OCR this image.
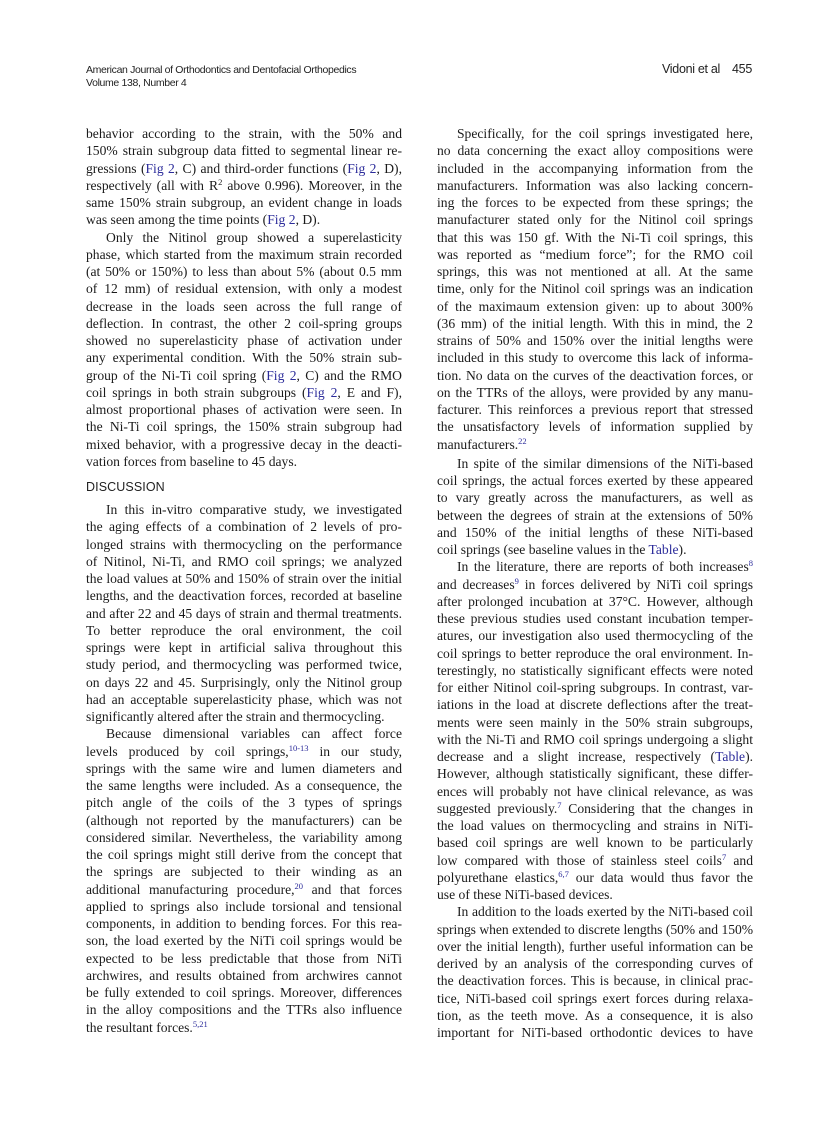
American Journal of Orthodontics and Dentofacial Orthopedics
Volume 138, Number 4
Vidoni et al 455
behavior according to the strain, with the 50% and
150% strain subgroup data fitted to segmental linear re-
gressions (Fig 2, C) and third-order functions (Fig 2, D),
respectively (all with $R^2$ above 0.996). Moreover, in the
same 150% strain subgroup, an evident change in loads
was seen among the time points (Fig 2, D).
Only the Nitinol group showed a superelasticity
phase, which started from the maximum strain recorded
(at 50% or 150%) to less than about 5% (about 0.5 mm
of 12 mm) of residual extension, with only a modest
decrease in the loads seen across the full range of
deflection. In contrast, the other 2 coil-spring groups
showed no superelasticity phase of activation under
any experimental condition. With the 50% strain sub-
group of the Ni-Ti coil spring (Fig 2, C) and the RMO
coil springs in both strain subgroups (Fig 2, E and F),
almost proportional phases of activation were seen. In
the Ni-Ti coil springs, the 150% strain subgroup had
mixed behavior, with a progressive decay in the deacti-
vation forces from baseline to 45 days.
DISCUSSION
In this in-vitro comparative study, we investigated
the aging effects of a combination of 2 levels of pro-
longed strains with thermocycling on the performance
of Nitinol, Ni-Ti, and RMO coil springs; we analyzed
the load values at 50% and 150% of strain over the initial
lengths, and the deactivation forces, recorded at baseline
and after 22 and 45 days of strain and thermal treatments.
To better reproduce the oral environment, the coil
springs were kept in artificial saliva throughout this
study period, and thermocycling was performed twice,
on days 22 and 45. Surprisingly, only the Nitinol group
had an acceptable superelasticity phase, which was not
significantly altered after the strain and thermocycling.
Because dimensional variables can affect force
levels produced by coil springs,$^{10-13}$ in our study,
springs with the same wire and lumen diameters and
the same lengths were included. As a consequence, the
pitch angle of the coils of the 3 types of springs
(although not reported by the manufacturers) can be
considered similar. Nevertheless, the variability among
the coil springs might still derive from the concept that
the springs are subjected to their winding as an
additional manufacturing procedure,$^{20}$ and that forces
applied to springs also include torsional and tensional
components, in addition to bending forces. For this rea-
son, the load exerted by the NiTi coil springs would be
expected to be less predictable that those from NiTi
archwires, and results obtained from archwires cannot
be fully extended to coil springs. Moreover, differences
in the alloy compositions and the TTRs also influence
the resultant forces.$^{5,21}$
Specifically, for the coil springs investigated here,
no data concerning the exact alloy compositions were
included in the accompanying information from the
manufacturers. Information was also lacking concern-
ing the forces to be expected from these springs; the
manufacturer stated only for the Nitinol coil springs
that this was 150 gf. With the Ni-Ti coil springs, this
was reported as “medium force”; for the RMO coil
springs, this was not mentioned at all. At the same
time, only for the Nitinol coil springs was an indication
of the maximaum extension given: up to about 300%
(36 mm) of the initial length. With this in mind, the 2
strains of 50% and 150% over the initial lengths were
included in this study to overcome this lack of informa-
tion. No data on the curves of the deactivation forces, or
on the TTRs of the alloys, were provided by any manu-
facturer. This reinforces a previous report that stressed
the unsatisfactory levels of information supplied by
manufacturers.$^{22}$
In spite of the similar dimensions of the NiTi-based
coil springs, the actual forces exerted by these appeared
to vary greatly across the manufacturers, as well as
between the degrees of strain at the extensions of 50%
and 150% of the initial lengths of these NiTi-based
coil springs (see baseline values in the Table).
In the literature, there are reports of both increases$^8$
and decreases$^9$ in forces delivered by NiTi coil springs
after prolonged incubation at 37°C. However, although
these previous studies used constant incubation temper-
atures, our investigation also used thermocycling of the
coil springs to better reproduce the oral environment. In-
terestingly, no statistically significant effects were noted
for either Nitinol coil-spring subgroups. In contrast, var-
iations in the load at discrete deflections after the treat-
ments were seen mainly in the 50% strain subgroups,
with the Ni-Ti and RMO coil springs undergoing a slight
decrease and a slight increase, respectively (Table).
However, although statistically significant, these differ-
ences will probably not have clinical relevance, as was
suggested previously.$^7$ Considering that the changes in
the load values on thermocycling and strains in NiTi-
based coil springs are well known to be particularly
low compared with those of stainless steel coils$^7$ and
polyurethane elastics,$^{6,7}$ our data would thus favor the
use of these NiTi-based devices.
In addition to the loads exerted by the NiTi-based coil
springs when extended to discrete lengths (50% and 150%
over the initial length), further useful information can be
derived by an analysis of the corresponding curves of
the deactivation forces. This is because, in clinical prac-
tice, NiTi-based coil springs exert forces during relaxa-
tion, as the teeth move. As a consequence, it is also
important for NiTi-based orthodontic devices to have
